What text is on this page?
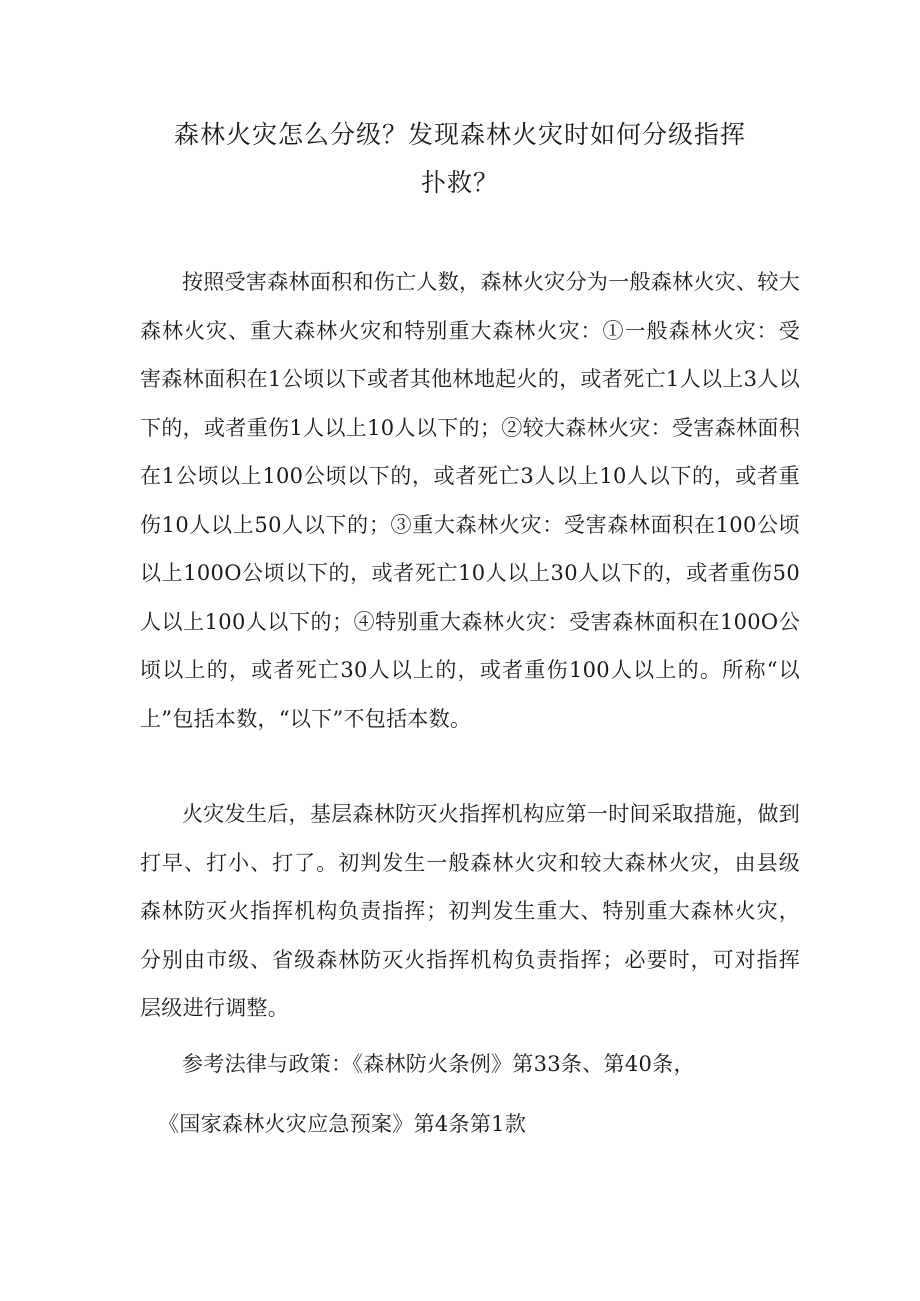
森林火灾怎么分级？发现森林火灾时如何分级指挥
扑救？

按照受害森林面积和伤亡人数，森林火灾分为一般森林火灾、较大森林火灾、重大森林火灾和特别重大森林火灾：①一般森林火灾：受害森林面积在1公顷以下或者其他林地起火的，或者死亡1人以上3人以下的，或者重伤1人以上10人以下的；②较大森林火灾：受害森林面积在1公顷以上100公顷以下的，或者死亡3人以上10人以下的，或者重伤10人以上50人以下的；③重大森林火灾：受害森林面积在100公顷以上100O公顷以下的，或者死亡10人以上30人以下的，或者重伤50人以上100人以下的；④特别重大森林火灾：受害森林面积在100O公顷以上的，或者死亡30人以上的，或者重伤100人以上的。所称“以上”包括本数，“以下”不包括本数。

火灾发生后，基层森林防灭火指挥机构应第一时间采取措施，做到打早、打小、打了。初判发生一般森林火灾和较大森林火灾，由县级森林防灭火指挥机构负责指挥；初判发生重大、特别重大森林火灾，分别由市级、省级森林防灭火指挥机构负责指挥；必要时，可对指挥层级进行调整。

参考法律与政策：《森林防火条例》第33条、第40条，

《国家森林火灾应急预案》第4条第1款
